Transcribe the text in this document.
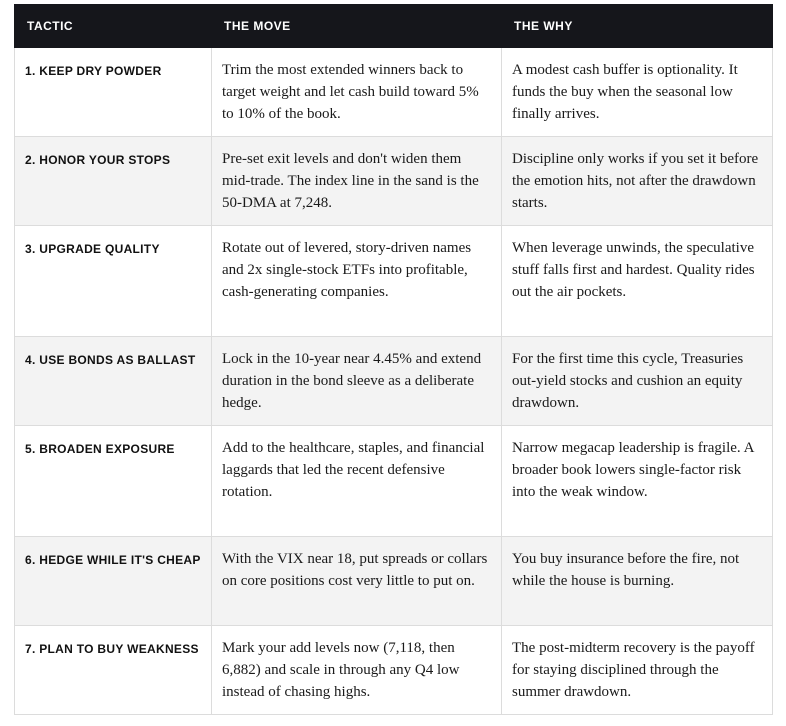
TACTIC	THE MOVE	THE WHY
1. KEEP DRY POWDER	Trim the most extended winners back to target weight and let cash build toward 5% to 10% of the book.	A modest cash buffer is optionality. It funds the buy when the seasonal low finally arrives.
2. HONOR YOUR STOPS	Pre-set exit levels and don't widen them mid-trade. The index line in the sand is the 50-DMA at 7,248.	Discipline only works if you set it before the emotion hits, not after the drawdown starts.
3. UPGRADE QUALITY	Rotate out of levered, story-driven names and 2x single-stock ETFs into profitable, cash-generating companies.	When leverage unwinds, the speculative stuff falls first and hardest. Quality rides out the air pockets.
4. USE BONDS AS BALLAST	Lock in the 10-year near 4.45% and extend duration in the bond sleeve as a deliberate hedge.	For the first time this cycle, Treasuries out-yield stocks and cushion an equity drawdown.
5. BROADEN EXPOSURE	Add to the healthcare, staples, and financial laggards that led the recent defensive rotation.	Narrow megacap leadership is fragile. A broader book lowers single-factor risk into the weak window.
6. HEDGE WHILE IT'S CHEAP	With the VIX near 18, put spreads or collars on core positions cost very little to put on.	You buy insurance before the fire, not while the house is burning.
7. PLAN TO BUY WEAKNESS	Mark your add levels now (7,118, then 6,882) and scale in through any Q4 low instead of chasing highs.	The post-midterm recovery is the payoff for staying disciplined through the summer drawdown.
